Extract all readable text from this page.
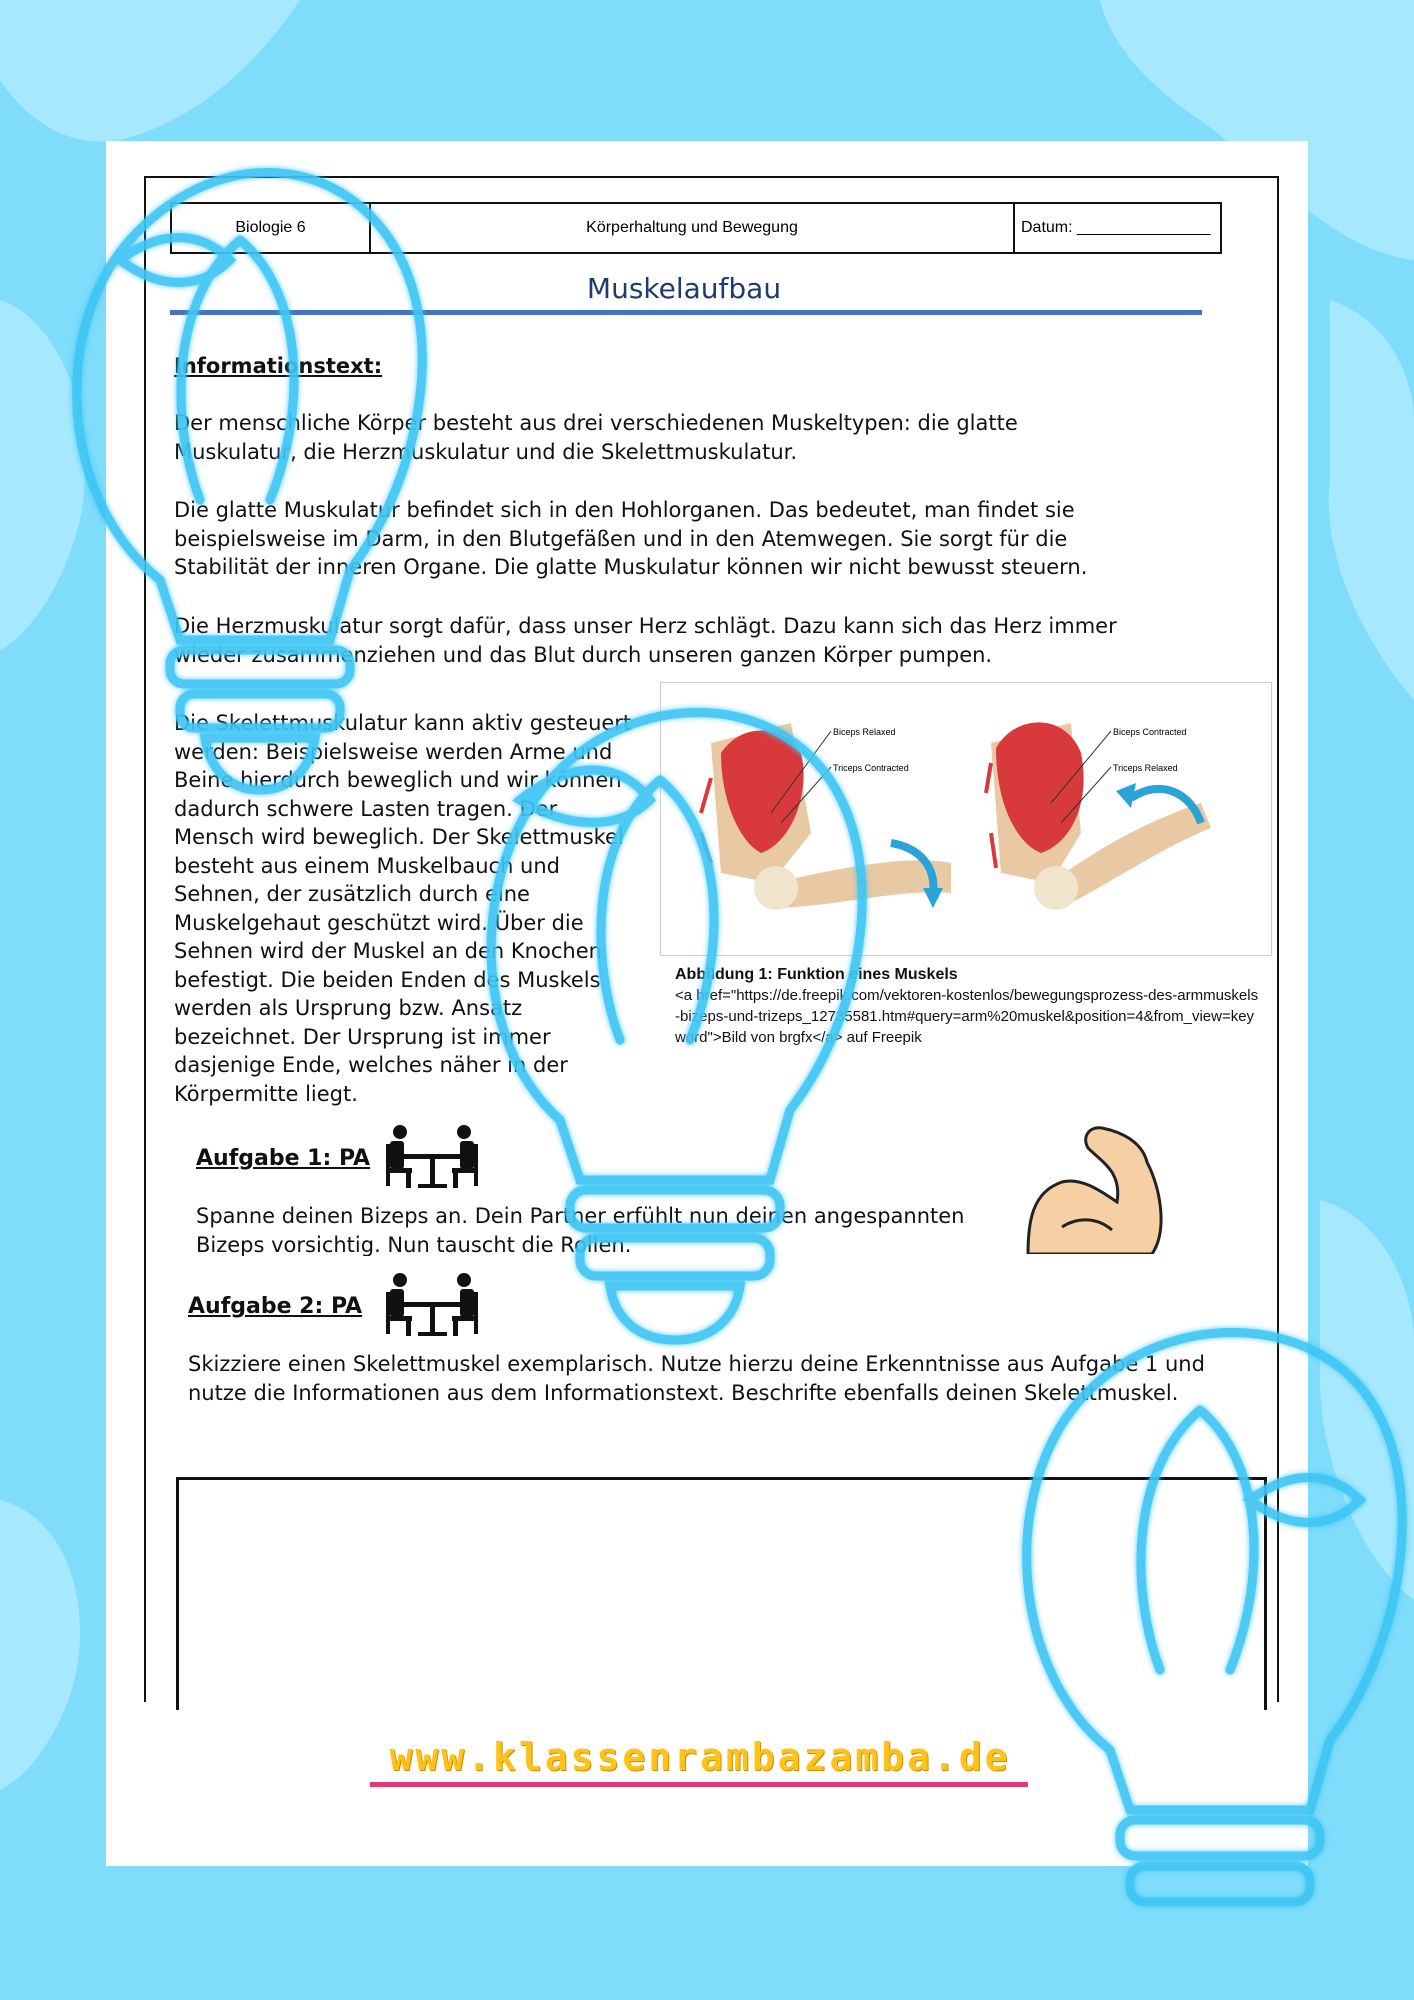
Biologie 6	Körperhaltung und Bewegung	Datum: _______________
Muskelaufbau
Informationstext:
Der menschliche Körper besteht aus drei verschiedenen Muskeltypen: die glatte Muskulatur, die Herzmuskulatur und die Skelettmuskulatur.
Die glatte Muskulatur befindet sich in den Hohlorganen. Das bedeutet, man findet sie beispielsweise im Darm, in den Blutgefäßen und in den Atemwegen. Sie sorgt für die Stabilität der inneren Organe. Die glatte Muskulatur können wir nicht bewusst steuern.
Die Herzmuskulatur sorgt dafür, dass unser Herz schlägt. Dazu kann sich das Herz immer wieder zusammenziehen und das Blut durch unseren ganzen Körper pumpen.
Die Skelettmuskulatur kann aktiv gesteuert werden: Beispielsweise werden Arme und Beine hierdurch beweglich und wir können dadurch schwere Lasten tragen. Der Mensch wird beweglich. Der Skelettmuskel besteht aus einem Muskelbauch und Sehnen, der zusätzlich durch eine Muskelgehaut geschützt wird. Über die Sehnen wird der Muskel an den Knochen befestigt. Die beiden Enden des Muskels werden als Ursprung bzw. Ansatz bezeichnet. Der Ursprung ist immer dasjenige Ende, welches näher in der Körpermitte liegt.
Biceps Relaxed
Triceps Contracted
Biceps Contracted
Triceps Relaxed
Abbildung 1: Funktion eines Muskels
<a href="https://de.freepik.com/vektoren-kostenlos/bewegungsprozess-des-armmuskels-bizeps-und-trizeps_12735581.htm#query=arm%20muskel&position=4&from_view=keyword">Bild von brgfx</a> auf Freepik
Aufgabe 1: PA
Spanne deinen Bizeps an. Dein Partner erfühlt nun deinen angespannten Bizeps vorsichtig. Nun tauscht die Rollen.
Aufgabe 2: PA
Skizziere einen Skelettmuskel exemplarisch. Nutze hierzu deine Erkenntnisse aus Aufgabe 1 und nutze die Informationen aus dem Informationstext. Beschrifte ebenfalls deinen Skelettmuskel.
www.klassenrambazamba.de
